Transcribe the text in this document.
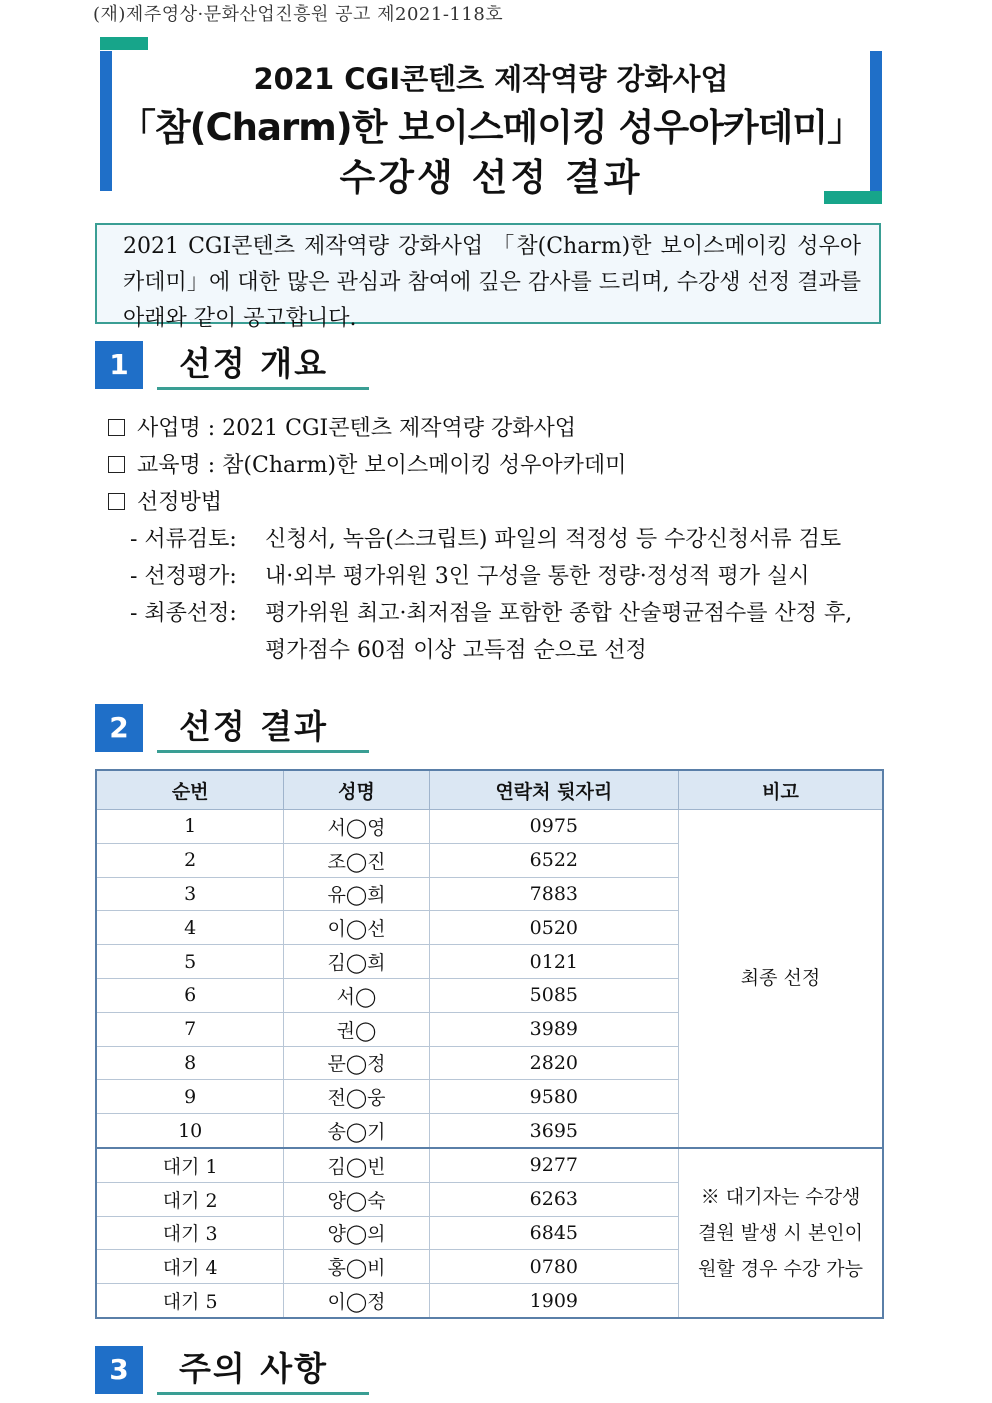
(재)제주영상·문화산업진흥원 공고 제2021-118호
2021 CGI콘텐츠 제작역량 강화사업
「참(Charm)한 보이스메이킹 성우아카데미」
수강생 선정 결과
2021 CGI콘텐츠 제작역량 강화사업 「참(Charm)한 보이스메이킹 성우아카데미」에 대한 많은 관심과 참여에 깊은 감사를 드리며, 수강생 선정 결과를 아래와 같이 공고합니다.
1	선정 개요
사업명 : 2021 CGI콘텐츠 제작역량 강화사업
교육명 : 참(Charm)한 보이스메이킹 성우아카데미
선정방법
- 서류검토: 신청서, 녹음(스크립트) 파일의 적정성 등 수강신청서류 검토
- 선정평가: 내·외부 평가위원 3인 구성을 통한 정량·정성적 평가 실시
- 최종선정: 평가위원 최고·최저점을 포함한 종합 산술평균점수를 산정 후,
평가점수 60점 이상 고득점 순으로 선정
2	선정 결과
순번	성명	연락처 뒷자리	비고
1	서◯영	0975	최종 선정
2	조◯진	6522	
3	유◯희	7883	
4	이◯선	0520	
5	김◯희	0121	
6	서◯	5085	
7	권◯	3989	
8	문◯정	2820	
9	전◯웅	9580	
10	송◯기	3695	
대기 1	김◯빈	9277	※ 대기자는 수강생
결원 발생 시 본인이
원할 경우 수강 가능

대기 2	양◯숙	6263	
대기 3	양◯의	6845	
대기 4	홍◯비	0780	
대기 5	이◯정	1909	
3	주의 사항
